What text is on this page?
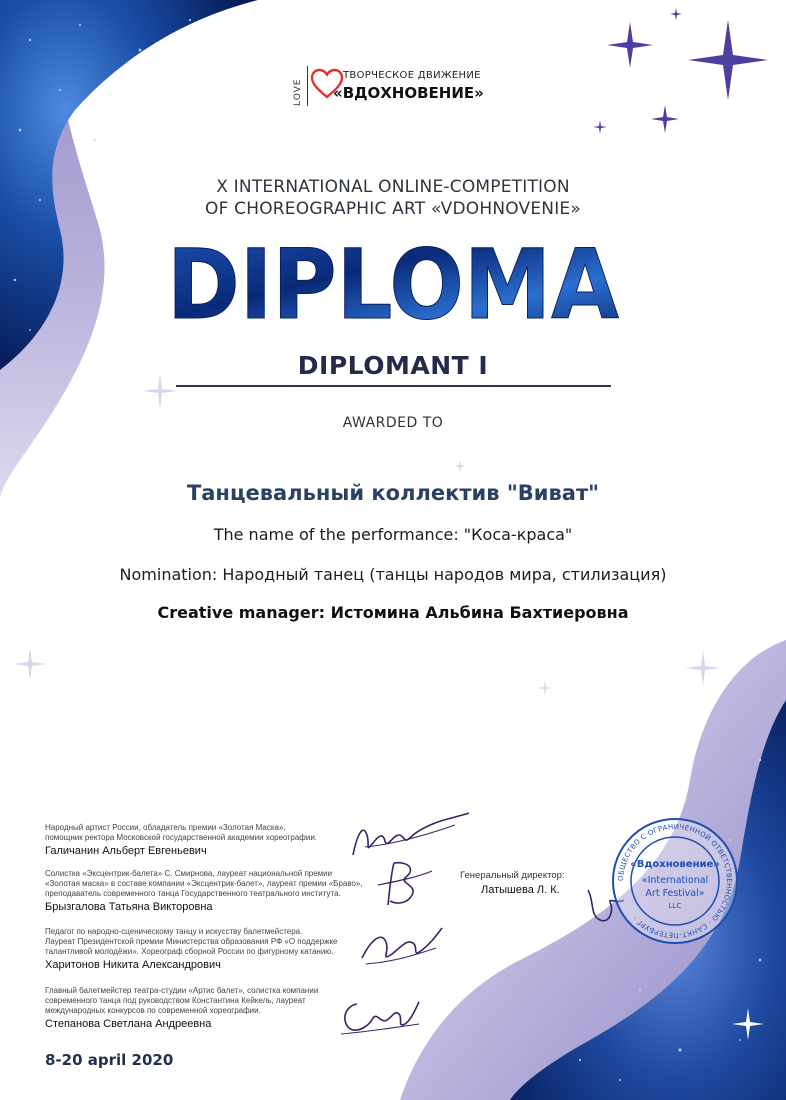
LOVE
ТВОРЧЕСКОЕ ДВИЖЕНИЕ
«ВДОХНОВЕНИЕ»
X INTERNATIONAL ONLINE-COMPETITION
OF CHOREOGRAPHIC ART «VDOHNOVENIE»
DIPLOMA
DIPLOMANT I
AWARDED TO
Танцевальный коллектив "Виват"
The name of the performance: "Коса-краса"
Nomination: Народный танец (танцы народов мира, стилизация)
Creative manager: Истомина Альбина Бахтиеровна
Народный артист России, обладатель премии «Золотая Маска»,
помощник ректора Московской государственной академии хореографии.
Галичанин Альберт Евгеньевич
Солистка «Эксцентрик-балета» С. Смирнова, лауреат национальной премии
«Золотая маска» в составе компании «Эксцентрик-балет», лауреат премии «Браво»,
преподаватель современного танца Государственного театрального института.
Брызгалова Татьяна Викторовна
Педагог по народно-сценическому танцу и искусству балетмейстера.
Лауреат Президентской премии Министерства образования РФ «О поддержке
талантливой молодёжи». Хореограф сборной России по фигурному катанию.
Харитонов Никита Александрович
Главный балетмейстер театра-студии «Артис балет», солистка компании
современного танца под руководством Константина Кейкель, лауреат
международных конкурсов по современной хореографии.
Степанова Светлана Андреевна
Генеральный директор:
Латышева Л. К.
ОБЩЕСТВО С ОГРАНИЧЕННОЙ ОТВЕТСТВЕННОСТЬЮ · САНКТ-ПЕТЕРБУРГ ·
«Вдохновение»
«International
Art Festival»
LLC
8-20 april 2020
